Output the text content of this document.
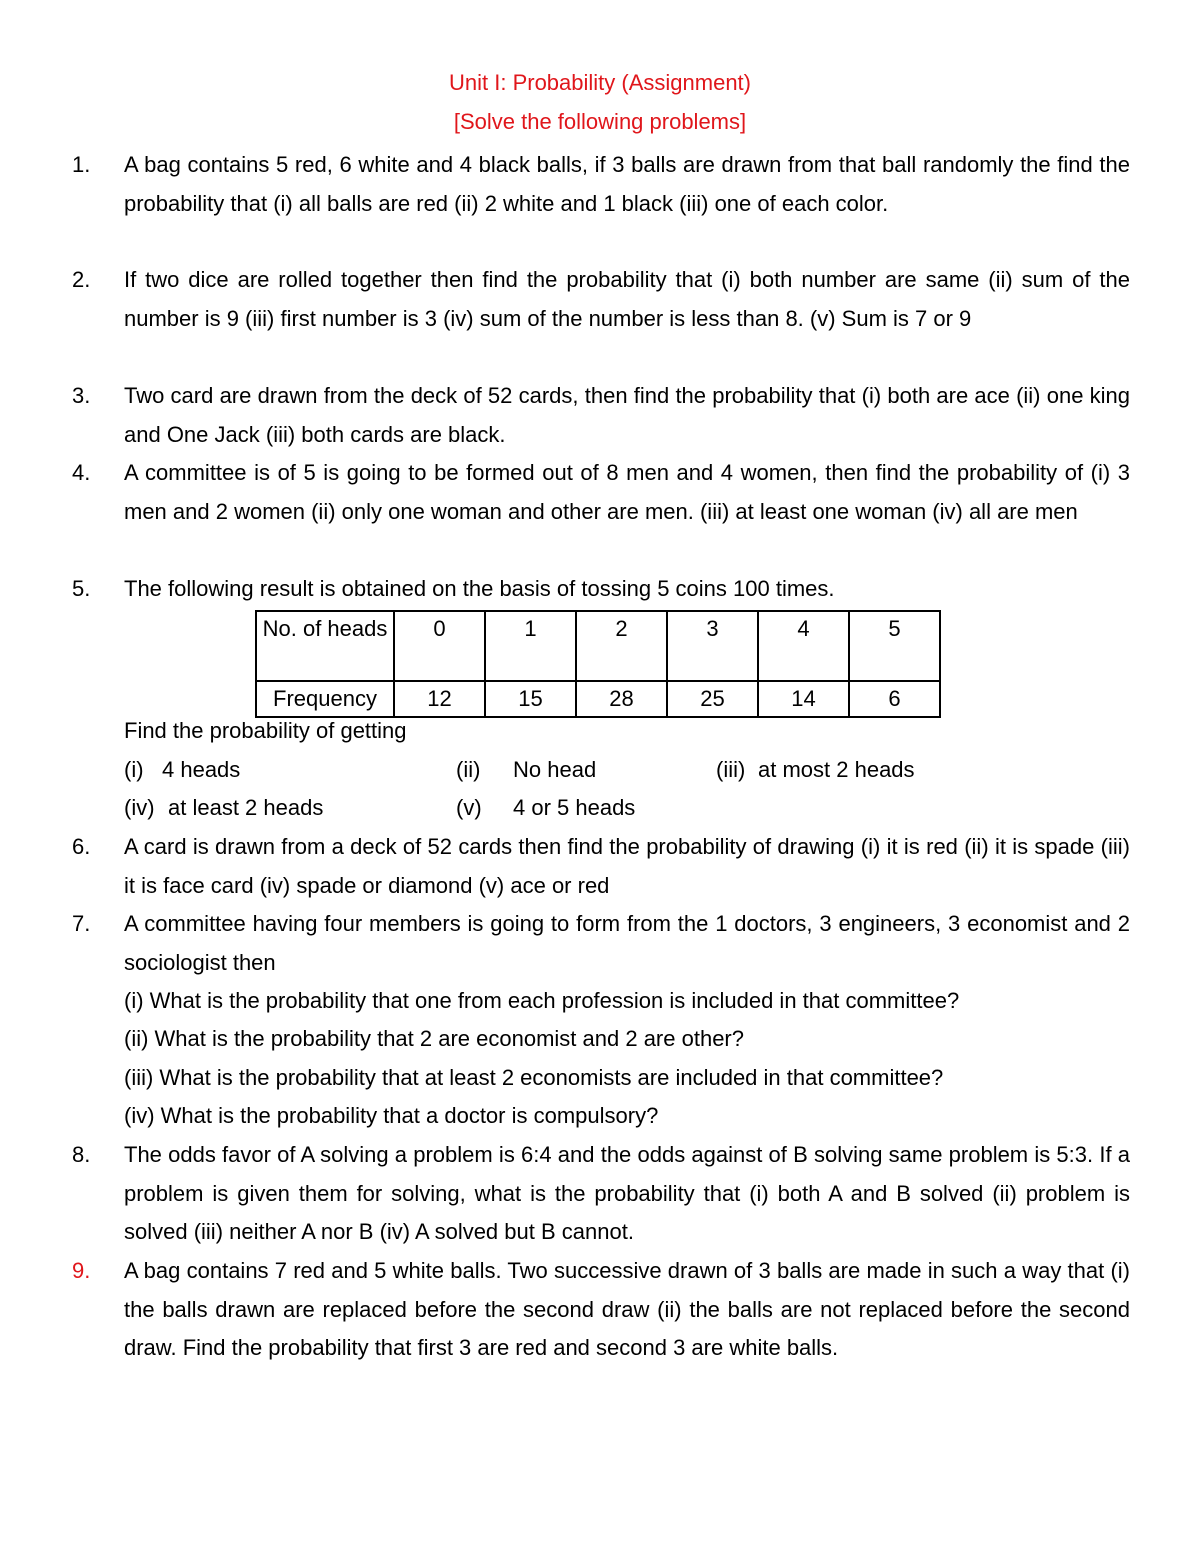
Unit I: Probability (Assignment)
[Solve the following problems]
1. A bag contains 5 red, 6 white and 4 black balls, if 3 balls are drawn from that ball randomly the find the probability that (i) all balls are red (ii) 2 white and 1 black (iii) one of each color.
2. If two dice are rolled together then find the probability that (i) both number are same (ii) sum of the number is 9 (iii) first number is 3 (iv) sum of the number is less than 8. (v) Sum is 7 or 9
3. Two card are drawn from the deck of 52 cards, then find the probability that (i) both are ace (ii) one king and One Jack (iii) both cards are black.
4. A committee is of 5 is going to be formed out of 8 men and 4 women, then find the probability of (i) 3 men and 2 women (ii) only one woman and other are men. (iii) at least one woman (iv) all are men
5. The following result is obtained on the basis of tossing 5 coins 100 times.
No. of heads	0	1	2	3	4	5
Frequency	12	15	28	25	14	6
Find the probability of getting
(i) 4 heads	(ii) No head	(iii) at most 2 heads
(iv) at least 2 heads	(v) 4 or 5 heads
6. A card is drawn from a deck of 52 cards then find the probability of drawing (i) it is red (ii) it is spade (iii) it is face card (iv) spade or diamond (v) ace or red
7. A committee having four members is going to form from the 1 doctors, 3 engineers, 3 economist and 2 sociologist then
(i) What is the probability that one from each profession is included in that committee?
(ii) What is the probability that 2 are economist and 2 are other?
(iii) What is the probability that at least 2 economists are included in that committee?
(iv) What is the probability that a doctor is compulsory?
8. The odds favor of A solving a problem is 6:4 and the odds against of B solving same problem is 5:3. If a problem is given them for solving, what is the probability that (i) both A and B solved (ii) problem is solved (iii) neither A nor B (iv) A solved but B cannot.
9. A bag contains 7 red and 5 white balls. Two successive drawn of 3 balls are made in such a way that (i) the balls drawn are replaced before the second draw (ii) the balls are not replaced before the second draw. Find the probability that first 3 are red and second 3 are white balls.
